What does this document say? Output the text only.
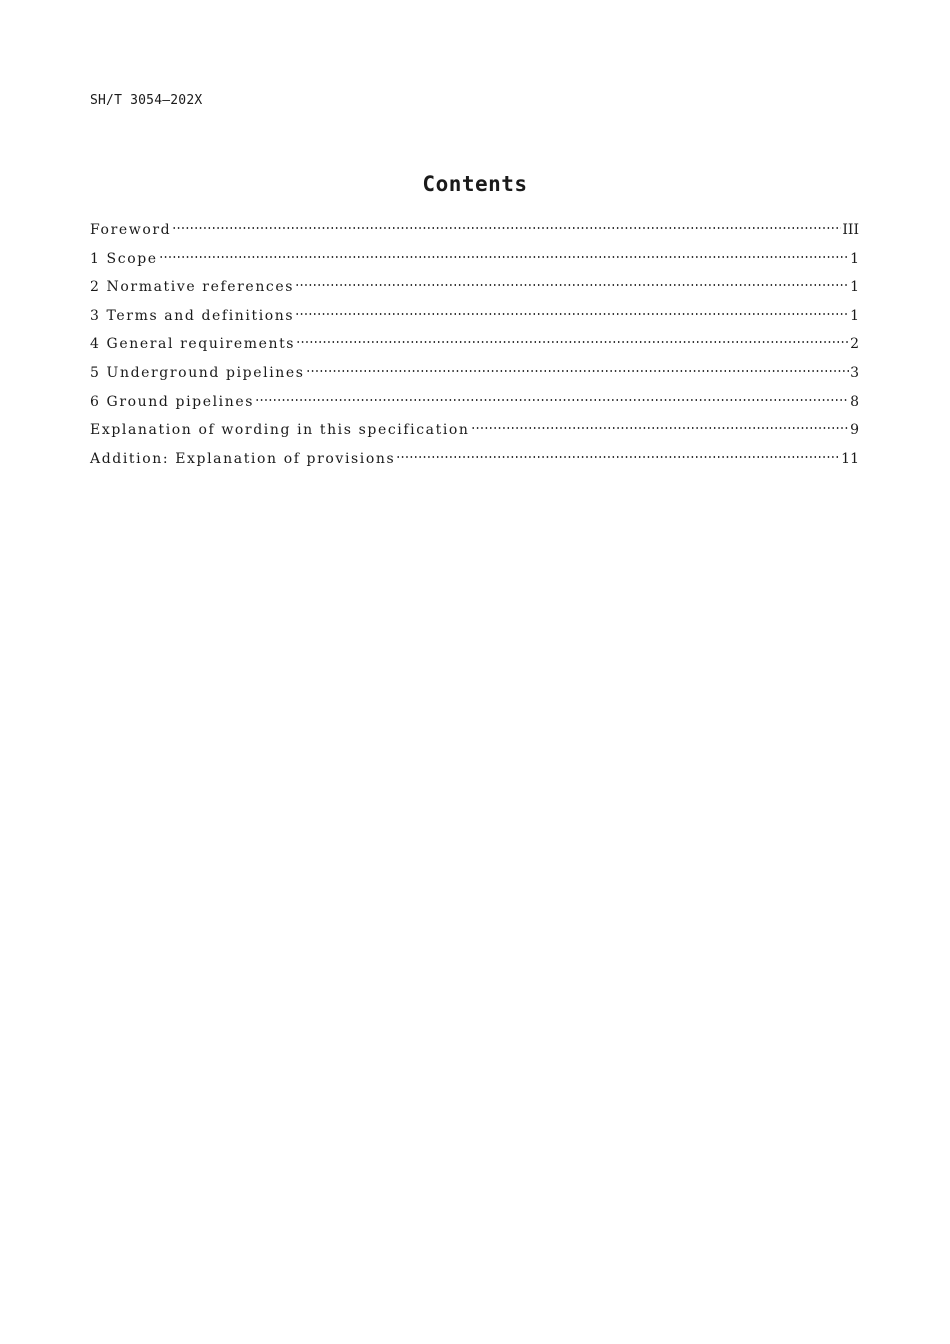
SH/T 3054—202X
Contents
Foreword	III
1 Scope	1
2 Normative references	1
3 Terms and definitions	1
4 General requirements	2
5 Underground pipelines	3
6 Ground pipelines	8
Explanation of wording in this specification	9
Addition: Explanation of provisions	11
